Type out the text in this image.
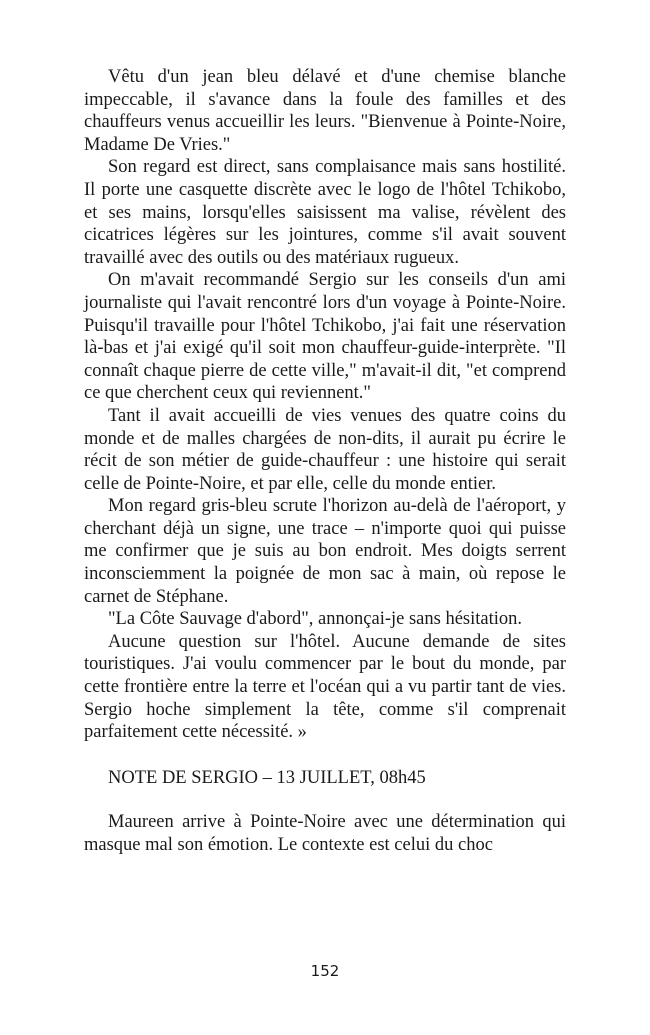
Vêtu d'un jean bleu délavé et d'une chemise blanche impeccable, il s'avance dans la foule des familles et des chauffeurs venus accueillir les leurs. "Bienvenue à Pointe-Noire, Madame De Vries."

Son regard est direct, sans complaisance mais sans hostilité. Il porte une casquette discrète avec le logo de l'hôtel Tchikobo, et ses mains, lorsqu'elles saisissent ma valise, révèlent des cicatrices légères sur les jointures, comme s'il avait souvent travaillé avec des outils ou des matériaux rugueux.

On m'avait recommandé Sergio sur les conseils d'un ami journaliste qui l'avait rencontré lors d'un voyage à Pointe-Noire. Puisqu'il travaille pour l'hôtel Tchikobo, j'ai fait une réservation là-bas et j'ai exigé qu'il soit mon chauffeur-guide-interprète. "Il connaît chaque pierre de cette ville," m'avait-il dit, "et comprend ce que cherchent ceux qui reviennent."

Tant il avait accueilli de vies venues des quatre coins du monde et de malles chargées de non-dits, il aurait pu écrire le récit de son métier de guide-chauffeur : une histoire qui serait celle de Pointe-Noire, et par elle, celle du monde entier.

Mon regard gris-bleu scrute l'horizon au-delà de l'aéroport, y cherchant déjà un signe, une trace – n'importe quoi qui puisse me confirmer que je suis au bon endroit. Mes doigts serrent inconsciemment la poignée de mon sac à main, où repose le carnet de Stéphane.

"La Côte Sauvage d'abord", annonçai-je sans hésitation.

Aucune question sur l'hôtel. Aucune demande de sites touristiques. J'ai voulu commencer par le bout du monde, par cette frontière entre la terre et l'océan qui a vu partir tant de vies. Sergio hoche simplement la tête, comme s'il comprenait parfaitement cette nécessité. »

NOTE DE SERGIO – 13 JUILLET, 08h45

Maureen arrive à Pointe-Noire avec une détermination qui masque mal son émotion. Le contexte est celui du choc

152
